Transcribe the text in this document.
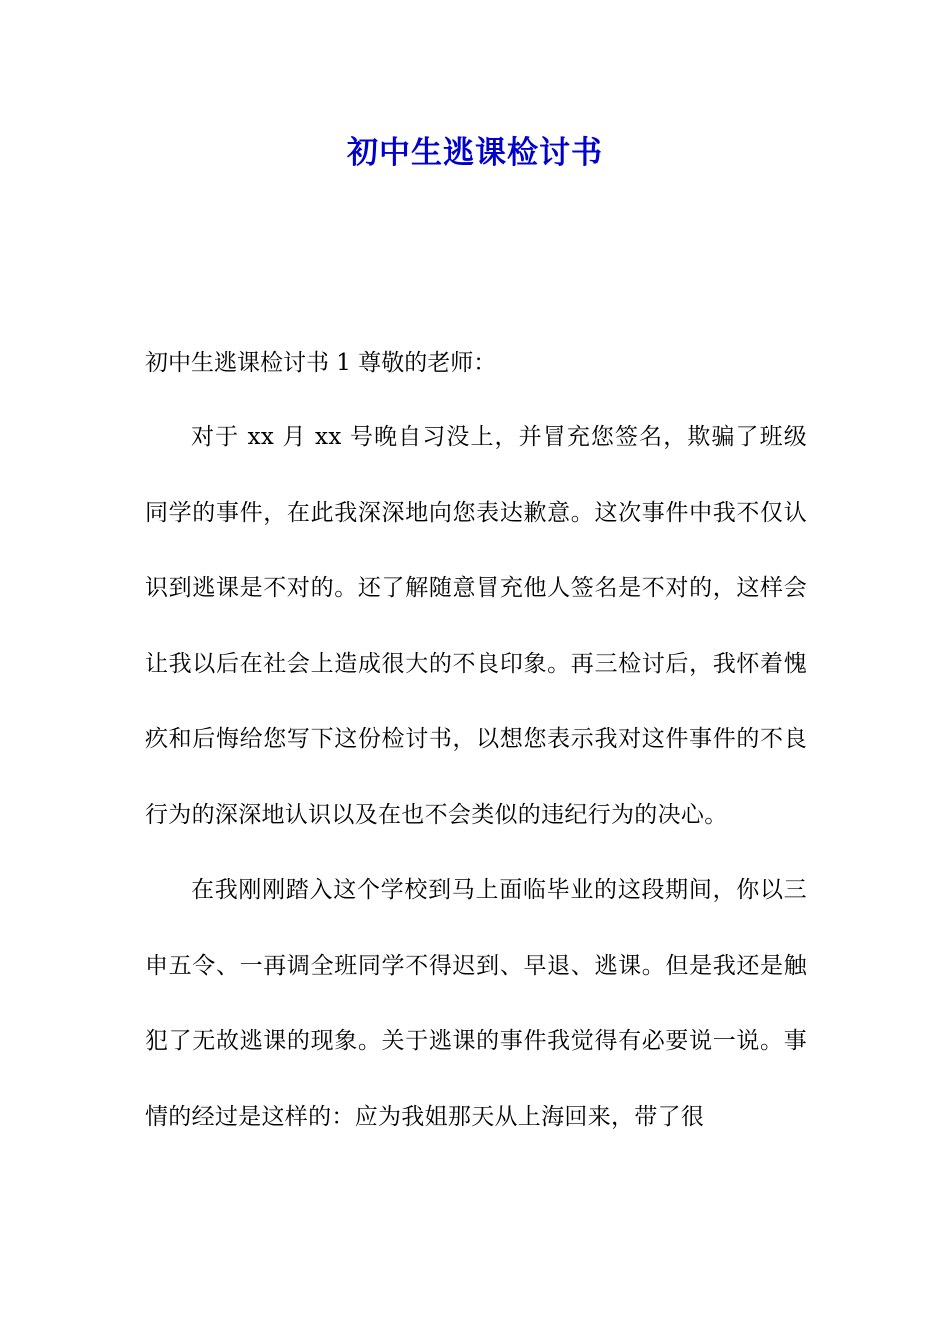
初中生逃课检讨书

初中生逃课检讨书 1 尊敬的老师：

对于 xx 月 xx 号晚自习没上，并冒充您签名，欺骗了班级同学的事件，在此我深深地向您表达歉意。这次事件中我不仅认识到逃课是不对的。还了解随意冒充他人签名是不对的，这样会让我以后在社会上造成很大的不良印象。再三检讨后，我怀着愧疚和后悔给您写下这份检讨书，以想您表示我对这件事件的不良行为的深深地认识以及在也不会类似的违纪行为的决心。

在我刚刚踏入这个学校到马上面临毕业的这段期间，你以三申五令、一再调全班同学不得迟到、早退、逃课。但是我还是触犯了无故逃课的现象。关于逃课的事件我觉得有必要说一说。事情的经过是这样的：应为我姐那天从上海回来，带了很
